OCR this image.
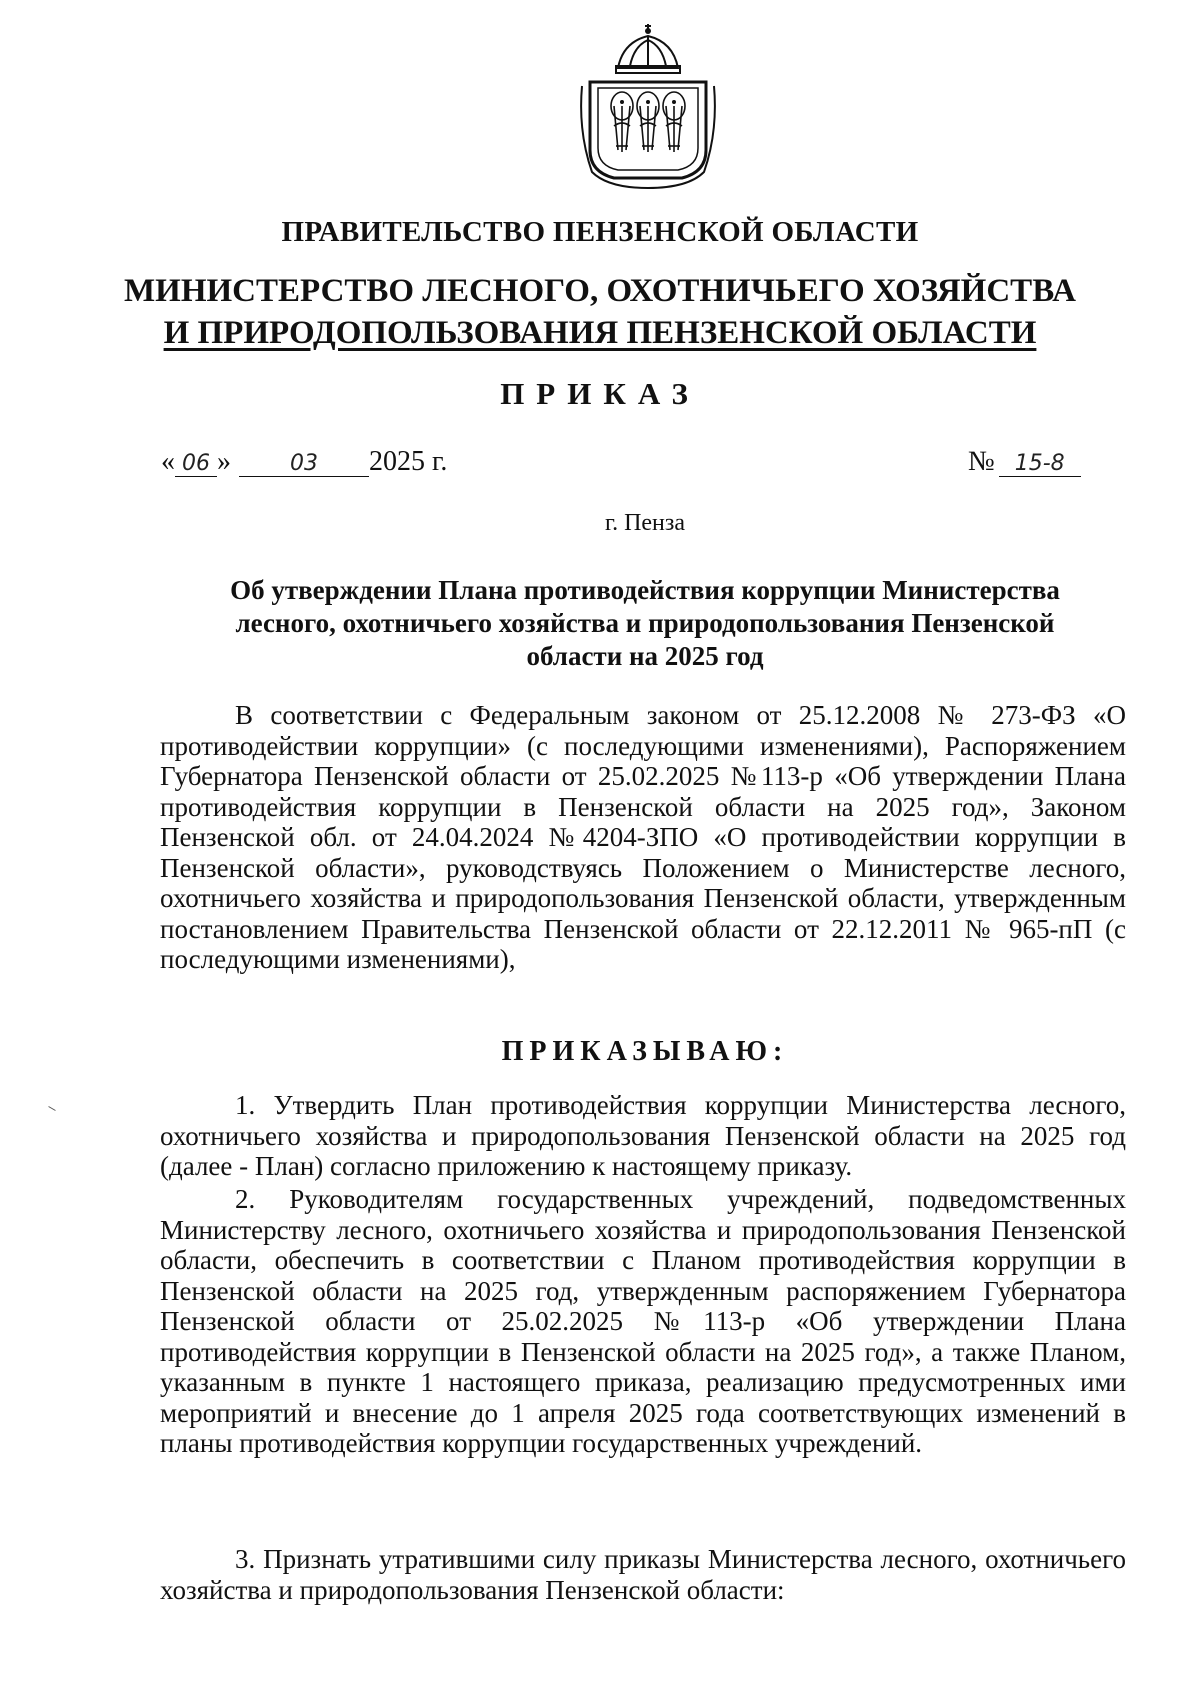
ПРАВИТЕЛЬСТВО ПЕНЗЕНСКОЙ ОБЛАСТИ
МИНИСТЕРСТВО ЛЕСНОГО, ОХОТНИЧЬЕГО ХОЗЯЙСТВА
И ПРИРОДОПОЛЬЗОВАНИЯ ПЕНЗЕНСКОЙ ОБЛАСТИ
ПРИКАЗ
« 06 »	03 2025 г.	№ 15-8
г. Пенза
Об утверждении Плана противодействия коррупции Министерства лесного, охотничьего хозяйства и природопользования Пензенской области на 2025 год

В соответствии с Федеральным законом от 25.12.2008 № 273-ФЗ «О противодействии коррупции» (с последующими изменениями), Распоряжением Губернатора Пензенской области от 25.02.2025 №113-р «Об утверждении Плана противодействия коррупции в Пензенской области на 2025 год», Законом Пензенской обл. от 24.04.2024 №4204-ЗПО «О противодействии коррупции в Пензенской области», руководствуясь Положением о Министерстве лесного, охотничьего хозяйства и природопользования Пензенской области, утвержденным постановлением Правительства Пензенской области от 22.12.2011 № 965-пП (с последующими изменениями),

ПРИКАЗЫВАЮ:

1. Утвердить План противодействия коррупции Министерства лесного, охотничьего хозяйства и природопользования Пензенской области на 2025 год (далее - План) согласно приложению к настоящему приказу.

2. Руководителям государственных учреждений, подведомственных Министерству лесного, охотничьего хозяйства и природопользования Пензенской области, обеспечить в соответствии с Планом противодействия коррупции в Пензенской области на 2025 год, утвержденным распоряжением Губернатора Пензенской области от 25.02.2025 №113-р «Об утверждении Плана противодействия коррупции в Пензенской области на 2025 год», а также Планом, указанным в пункте 1 настоящего приказа, реализацию предусмотренных ими мероприятий и внесение до 1 апреля 2025 года соответствующих изменений в планы противодействия коррупции государственных учреждений.

3. Признать утратившими силу приказы Министерства лесного, охотничьего хозяйства и природопользования Пензенской области:
